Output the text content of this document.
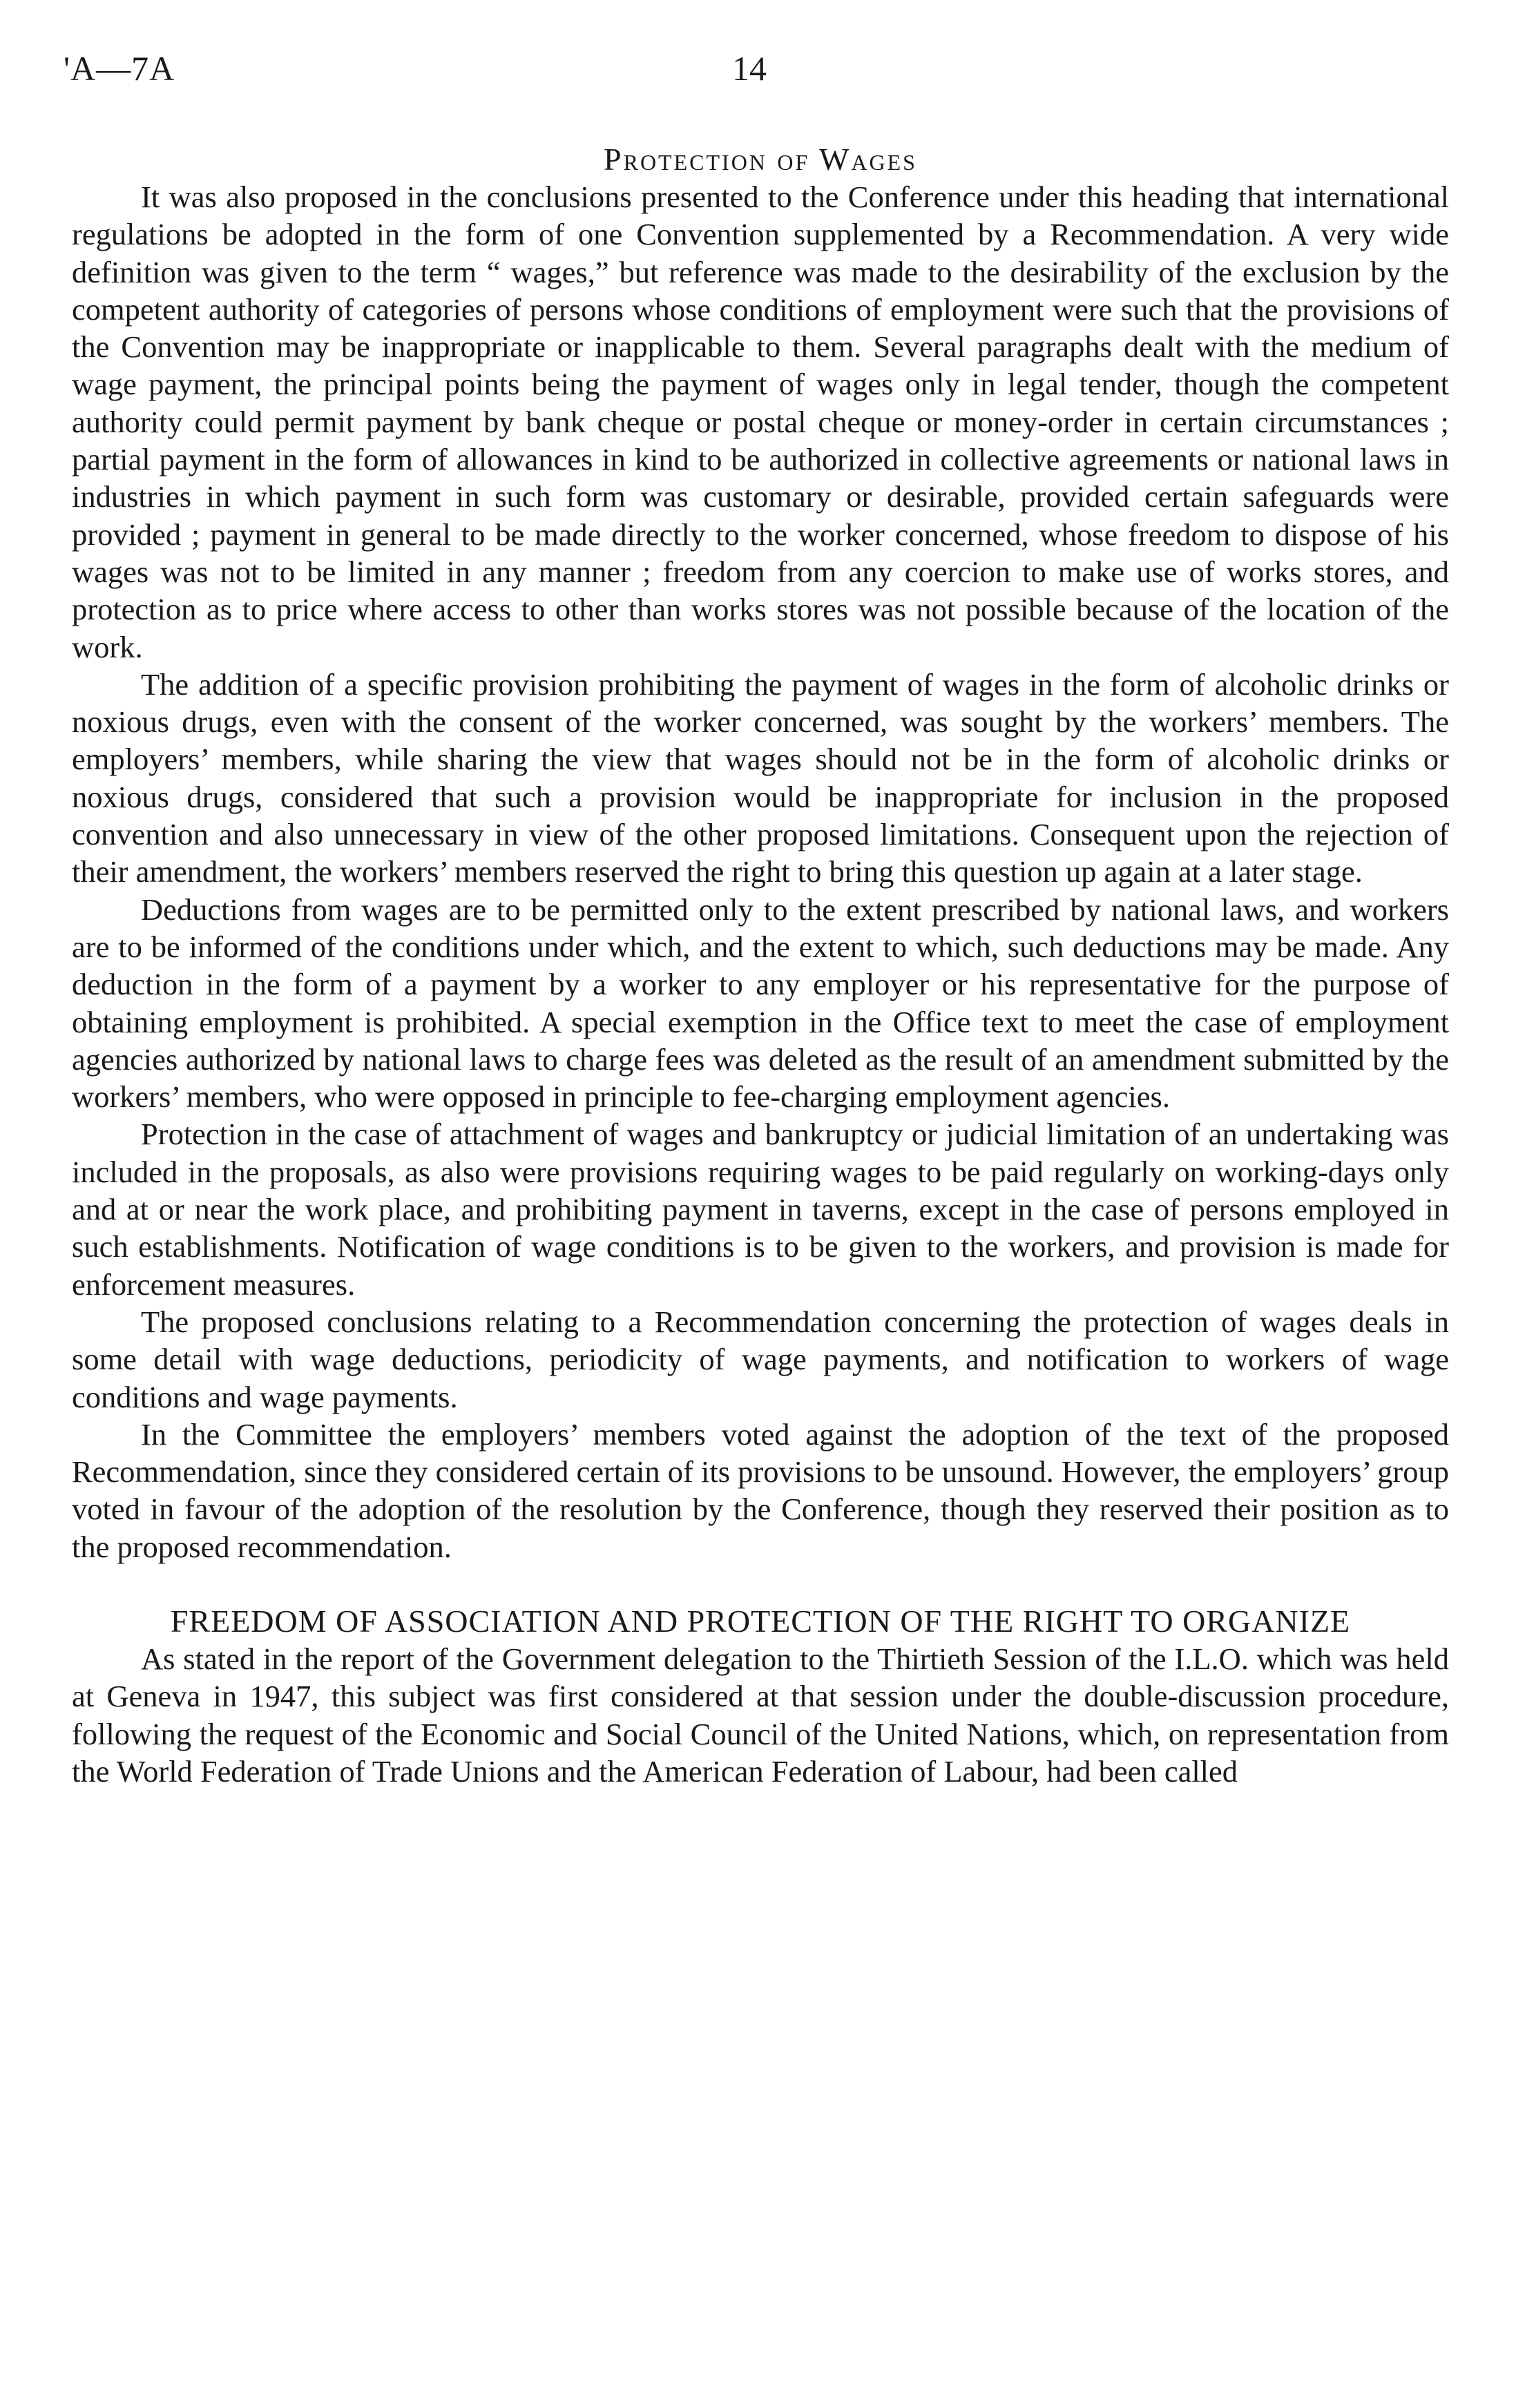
'A—7A	14
Protection of Wages

It was also proposed in the conclusions presented to the Conference under this heading that international regulations be adopted in the form of one Convention supplemented by a Recommendation. A very wide definition was given to the term “ wages,” but reference was made to the desirability of the exclusion by the competent authority of categories of persons whose conditions of employment were such that the provisions of the Convention may be inappropriate or inapplicable to them. Several paragraphs dealt with the medium of wage payment, the principal points being the payment of wages only in legal tender, though the competent authority could permit payment by bank cheque or postal cheque or money-order in certain circumstances ; partial payment in the form of allowances in kind to be authorized in collective agreements or national laws in industries in which payment in such form was customary or desirable, provided certain safeguards were provided ; payment in general to be made directly to the worker concerned, whose freedom to dispose of his wages was not to be limited in any manner ; freedom from any coercion to make use of works stores, and protection as to price where access to other than works stores was not possible because of the location of the work.

The addition of a specific provision prohibiting the payment of wages in the form of alcoholic drinks or noxious drugs, even with the consent of the worker concerned, was sought by the workers’ members. The employers’ members, while sharing the view that wages should not be in the form of alcoholic drinks or noxious drugs, considered that such a provision would be inappropriate for inclusion in the proposed convention and also unnecessary in view of the other proposed limitations. Consequent upon the rejection of their amendment, the workers’ members reserved the right to bring this question up again at a later stage.

Deductions from wages are to be permitted only to the extent prescribed by national laws, and workers are to be informed of the conditions under which, and the extent to which, such deductions may be made. Any deduction in the form of a payment by a worker to any employer or his representative for the purpose of obtaining employment is prohibited. A special exemption in the Office text to meet the case of employment agencies authorized by national laws to charge fees was deleted as the result of an amendment submitted by the workers’ members, who were opposed in principle to fee-charging employment agencies.

Protection in the case of attachment of wages and bankruptcy or judicial limitation of an undertaking was included in the proposals, as also were provisions requiring wages to be paid regularly on working-days only and at or near the work place, and prohibiting payment in taverns, except in the case of persons employed in such establishments. Notification of wage conditions is to be given to the workers, and provision is made for enforcement measures.

The proposed conclusions relating to a Recommendation concerning the protection of wages deals in some detail with wage deductions, periodicity of wage payments, and notification to workers of wage conditions and wage payments.

In the Committee the employers’ members voted against the adoption of the text of the proposed Recommendation, since they considered certain of its provisions to be unsound. However, the employers’ group voted in favour of the adoption of the resolution by the Conference, though they reserved their position as to the proposed recommendation.

FREEDOM OF ASSOCIATION AND PROTECTION OF THE RIGHT TO ORGANIZE

As stated in the report of the Government delegation to the Thirtieth Session of the I.L.O. which was held at Geneva in 1947, this subject was first considered at that session under the double-discussion procedure, following the request of the Economic and Social Council of the United Nations, which, on representation from the World Federation of Trade Unions and the American Federation of Labour, had been called
